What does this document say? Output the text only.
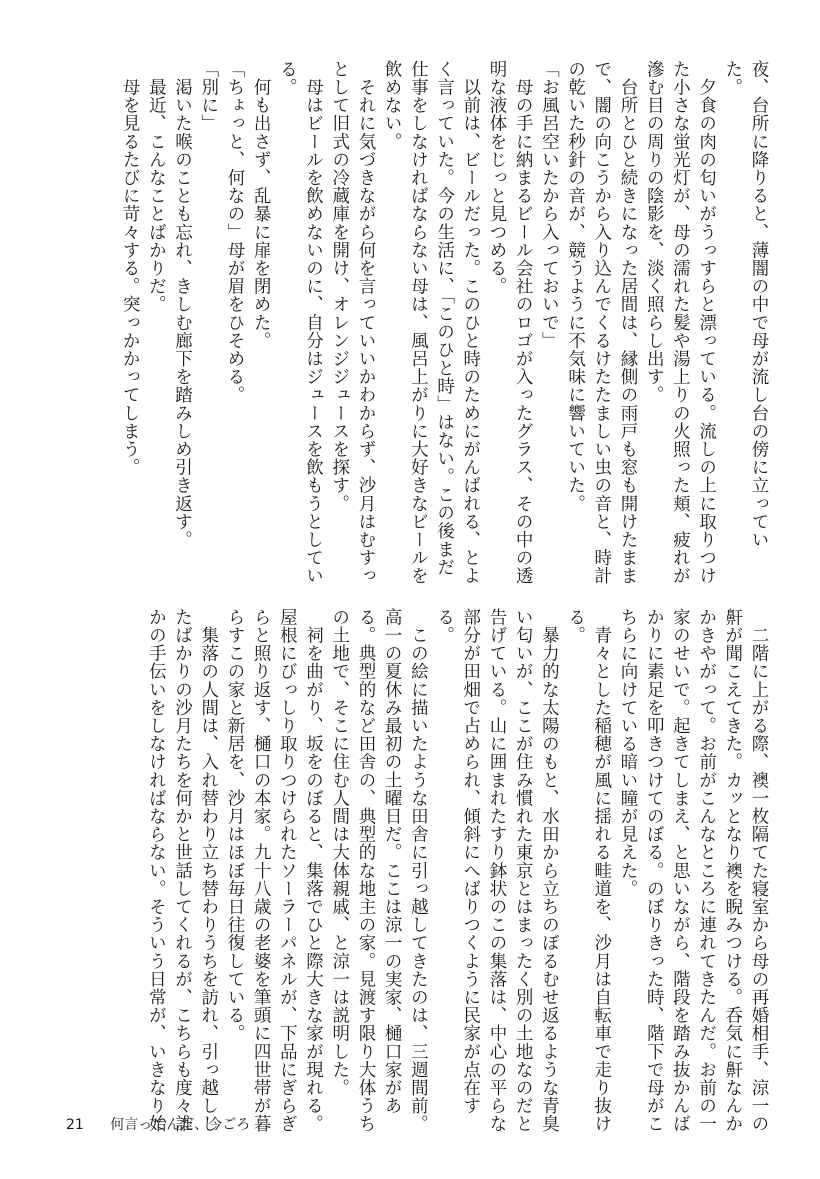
夜、台所に降りると、薄闇の中で母が流し台の傍に立ってい
た。
　夕食の肉の匂いがうっすらと漂っている。流しの上に取りつけ
た小さな蛍光灯が、母の濡れた髪や湯上りの火照った頬、疲れが
滲む目の周りの陰影を、淡く照らし出す。
　台所とひと続きになった居間は、縁側の雨戸も窓も開けたまま
で、闇の向こうから入り込んでくるけたたましい虫の音と、時計
の乾いた秒針の音が、競うように不気味に響いていた。
「お風呂空いたから入っておいで」
　母の手に納まるビール会社のロゴが入ったグラス、その中の透
明な液体をじっと見つめる。
　以前は、ビールだった。このひと時のためにがんばれる、とよ
く言っていた。今の生活に、「このひと時」はない。この後まだ
仕事をしなければならない母は、風呂上がりに大好きなビールを
飲めない。
　それに気づきながら何を言っていいかわからず、沙月はむすっ
として旧式の冷蔵庫を開け、オレンジジュースを探す。
　母はビールを飲めないのに、自分はジュースを飲もうとしてい
る。
　何も出さず、乱暴に扉を閉めた。
「ちょっと、何なの」母が眉をひそめる。
「別に」
　渇いた喉のことも忘れ、きしむ廊下を踏みしめ引き返す。
　最近、こんなことばかりだ。
　母を見るたびに苛々する。突っかかってしまう。
　二階に上がる際、襖一枚隔てた寝室から母の再婚相手、涼一の
鼾が聞こえてきた。カッとなり襖を睨みつける。呑気に鼾なんか
かきやがって。お前がこんなところに連れてきたんだ。お前の一
家のせいで。起きてしまえ、と思いながら、階段を踏み抜かんば
かりに素足を叩きつけてのぼる。のぼりきった時、階下で母がこ
ちらに向けている暗い瞳が見えた。
　青々とした稲穂が風に揺れる畦道を、沙月は自転車で走り抜け
る。
　暴力的な太陽のもと、水田から立ちのぼるむせ返るような青臭
い匂いが、ここが住み慣れた東京とはまったく別の土地なのだと
告げている。山に囲まれたすり鉢状のこの集落は、中心の平らな
部分が田畑で占められ、傾斜にへばりつくように民家が点在す
る。
　この絵に描いたような田舎に引っ越してきたのは、三週間前。
高一の夏休み最初の土曜日だ。ここは涼一の実家、樋口家があ
る。典型的など田舎の、典型的な地主の家。見渡す限り大体うち
の土地で、そこに住む人間は大体親戚、と涼一は説明した。
　祠を曲がり、坂をのぼると、集落でひと際大きな家が現れる。
屋根にびっしり取りつけられたソーラーパネルが、下品にぎらぎ
らと照り返す、樋口の本家。九十八歳の老婆を筆頭に四世帯が暮
らすこの家と新居を、沙月はほぼ毎日往復している。
　集落の人間は、入れ替わり立ち替わりうちを訪れ、引っ越しし
たばかりの沙月たちを何かと世話してくれるが、こちらも度々誰
かの手伝いをしなければならない。そういう日常が、いきなり始
21 何言ってんだ、今ごろ
